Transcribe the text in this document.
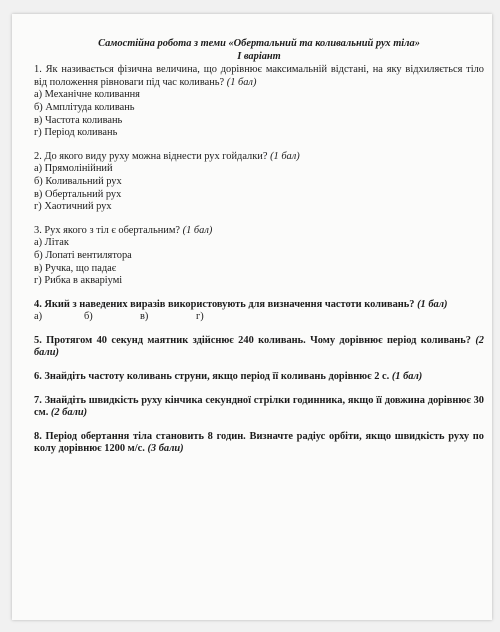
Самостійна робота з теми «Обертальний та коливальний рух тіла»

I варіант

1. Як називається фізична величина, що дорівнює максимальній відстані, на яку відхиляється тіло від положення рівноваги під час коливань? (1 бал)

а) Механічне коливання

б) Амплітуда коливань

в) Частота коливань

г) Період коливань

2. До якого виду руху можна віднести рух гойдалки? (1 бал)

а) Прямолінійний

б) Коливальний рух

в) Обертальний рух

г) Хаотичний рух

3. Рух якого з тіл є обертальним? (1 бал)

а) Літак

б) Лопаті вентилятора

в) Ручка, що падає

г) Рибка в акваріумі

4. Який з наведених виразів використовують для визначення частоти коливань? (1 бал)

а)	б)	в)	г)

5. Протягом 40 секунд маятник здійснює 240 коливань. Чому дорівнює період коливань? (2 бали)

6. Знайдіть частоту коливань струни, якщо період її коливань дорівнює 2 с. (1 бал)

7. Знайдіть швидкість руху кінчика секундної стрілки годинника, якщо її довжина дорівнює 30 см. (2 бали)

8. Період обертання тіла становить 8 годин. Визначте радіус орбіти, якщо швидкість руху по колу дорівнює 1200 м/с. (3 бали)
